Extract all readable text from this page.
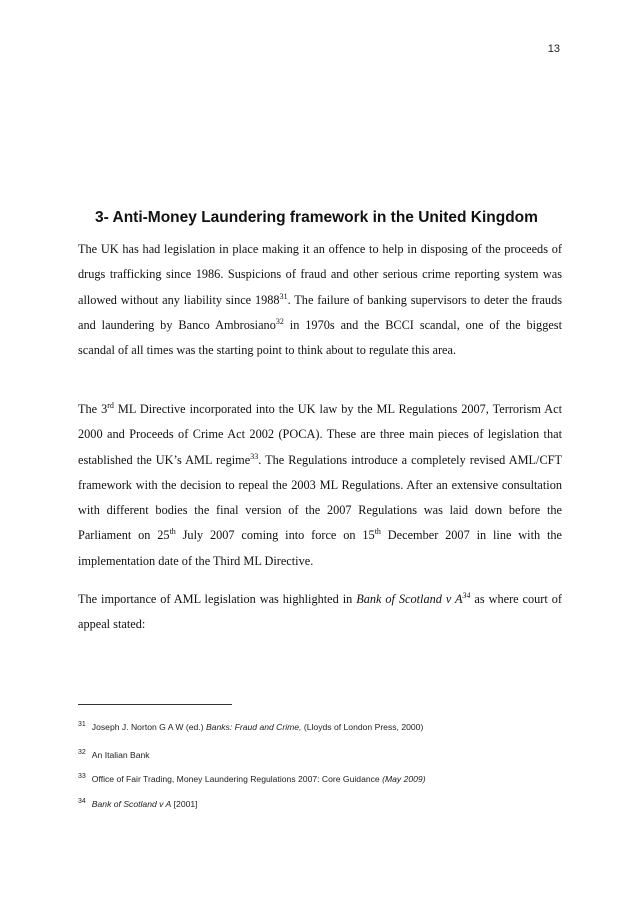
13
3- Anti-Money Laundering framework in the United Kingdom

The UK has had legislation in place making it an offence to help in disposing of the proceeds of drugs trafficking since 1986. Suspicions of fraud and other serious crime reporting system was allowed without any liability since 1988$^{31}$. The failure of banking supervisors to deter the frauds and laundering by Banco Ambrosiano$^{32}$ in 1970s and the BCCI scandal, one of the biggest scandal of all times was the starting point to think about to regulate this area.

The 3rd ML Directive incorporated into the UK law by the ML Regulations 2007, Terrorism Act 2000 and Proceeds of Crime Act 2002 (POCA). These are three main pieces of legislation that established the UK’s AML regime$^{33}$. The Regulations introduce a completely revised AML/CFT framework with the decision to repeal the 2003 ML Regulations. After an extensive consultation with different bodies the final version of the 2007 Regulations was laid down before the Parliament on 25th July 2007 coming into force on 15th December 2007 in line with the implementation date of the Third ML Directive.

The importance of AML legislation was highlighted in Bank of Scotland v $A^{34}$ as where court of appeal stated:

$^{31}$ Joseph J. Norton G A W (ed.) Banks: Fraud and Crime, (Lloyds of London Press, 2000)

$^{32}$ An Italian Bank

$^{33}$ Office of Fair Trading, Money Laundering Regulations 2007: Core Guidance (May 2009)

$^{34}$ Bank of Scotland v A [2001]
